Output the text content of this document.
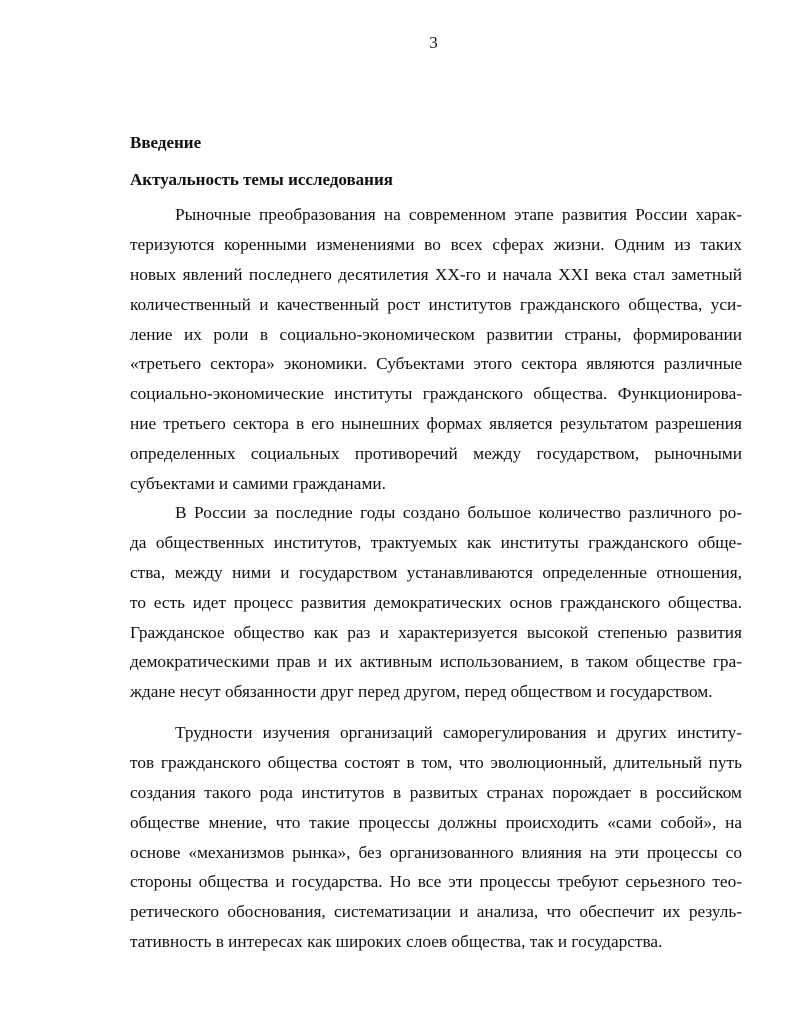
3
Введение
Актуальность темы исследования
Рыночные преобразования на современном этапе развития России харак-
теризуются коренными изменениями во всех сферах жизни. Одним из таких
новых явлений последнего десятилетия ХХ-го и начала XXI века стал заметный
количественный и качественный рост институтов гражданского общества, уси-
ление их роли в социально-экономическом развитии страны, формировании
«третьего сектора» экономики. Субъектами этого сектора являются различные
социально-экономические институты гражданского общества. Функционирова-
ние третьего сектора в его нынешних формах является результатом разрешения
определенных социальных противоречий между государством, рыночными
субъектами и самими гражданами.
В России за последние годы создано большое количество различного ро-
да общественных институтов, трактуемых как институты гражданского обще-
ства, между ними и государством устанавливаются определенные отношения,
то есть идет процесс развития демократических основ гражданского общества.
Гражданское общество как раз и характеризуется высокой степенью развития
демократическими прав и их активным использованием, в таком обществе гра-
ждане несут обязанности друг перед другом, перед обществом и государством.
Трудности изучения организаций саморегулирования и других институ-
тов гражданского общества состоят в том, что эволюционный, длительный путь
создания такого рода институтов в развитых странах порождает в российском
обществе мнение, что такие процессы должны происходить «сами собой», на
основе «механизмов рынка», без организованного влияния на эти процессы со
стороны общества и государства. Но все эти процессы требуют серьезного тео-
ретического обоснования, систематизации и анализа, что обеспечит их резуль-
тативность в интересах как широких слоев общества, так и государства.
